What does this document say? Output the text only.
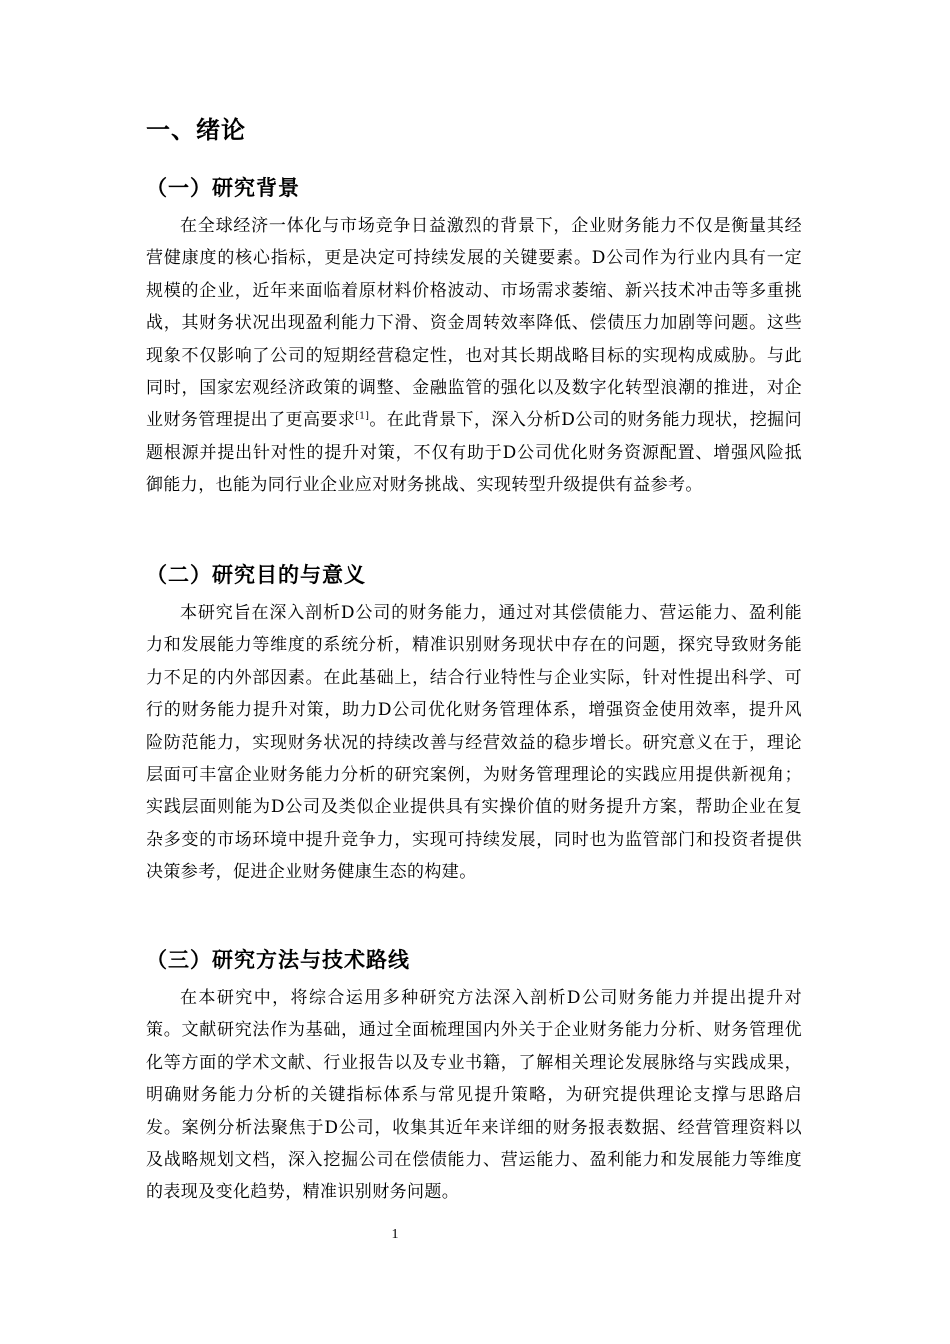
一、绪论
（一）研究背景

在全球经济一体化与市场竞争日益激烈的背景下，企业财务能力不仅是衡量其经营健康度的核心指标，更是决定可持续发展的关键要素。D公司作为行业内具有一定规模的企业，近年来面临着原材料价格波动、市场需求萎缩、新兴技术冲击等多重挑战，其财务状况出现盈利能力下滑、资金周转效率降低、偿债压力加剧等问题。这些现象不仅影响了公司的短期经营稳定性，也对其长期战略目标的实现构成威胁。与此同时，国家宏观经济政策的调整、金融监管的强化以及数字化转型浪潮的推进，对企业财务管理提出了更高要求[1]。在此背景下，深入分析D公司的财务能力现状，挖掘问题根源并提出针对性的提升对策，不仅有助于D公司优化财务资源配置、增强风险抵御能力，也能为同行业企业应对财务挑战、实现转型升级提供有益参考。

（二）研究目的与意义

本研究旨在深入剖析D公司的财务能力，通过对其偿债能力、营运能力、盈利能力和发展能力等维度的系统分析，精准识别财务现状中存在的问题，探究导致财务能力不足的内外部因素。在此基础上，结合行业特性与企业实际，针对性提出科学、可行的财务能力提升对策，助力D公司优化财务管理体系，增强资金使用效率，提升风险防范能力，实现财务状况的持续改善与经营效益的稳步增长。研究意义在于，理论层面可丰富企业财务能力分析的研究案例，为财务管理理论的实践应用提供新视角；实践层面则能为D公司及类似企业提供具有实操价值的财务提升方案，帮助企业在复杂多变的市场环境中提升竞争力，实现可持续发展，同时也为监管部门和投资者提供决策参考，促进企业财务健康生态的构建。

（三）研究方法与技术路线

在本研究中，将综合运用多种研究方法深入剖析D公司财务能力并提出提升对策。文献研究法作为基础，通过全面梳理国内外关于企业财务能力分析、财务管理优化等方面的学术文献、行业报告以及专业书籍，了解相关理论发展脉络与实践成果，明确财务能力分析的关键指标体系与常见提升策略，为研究提供理论支撑与思路启发。案例分析法聚焦于D公司，收集其近年来详细的财务报表数据、经营管理资料以及战略规划文档，深入挖掘公司在偿债能力、营运能力、盈利能力和发展能力等维度的表现及变化趋势，精准识别财务问题。

1
